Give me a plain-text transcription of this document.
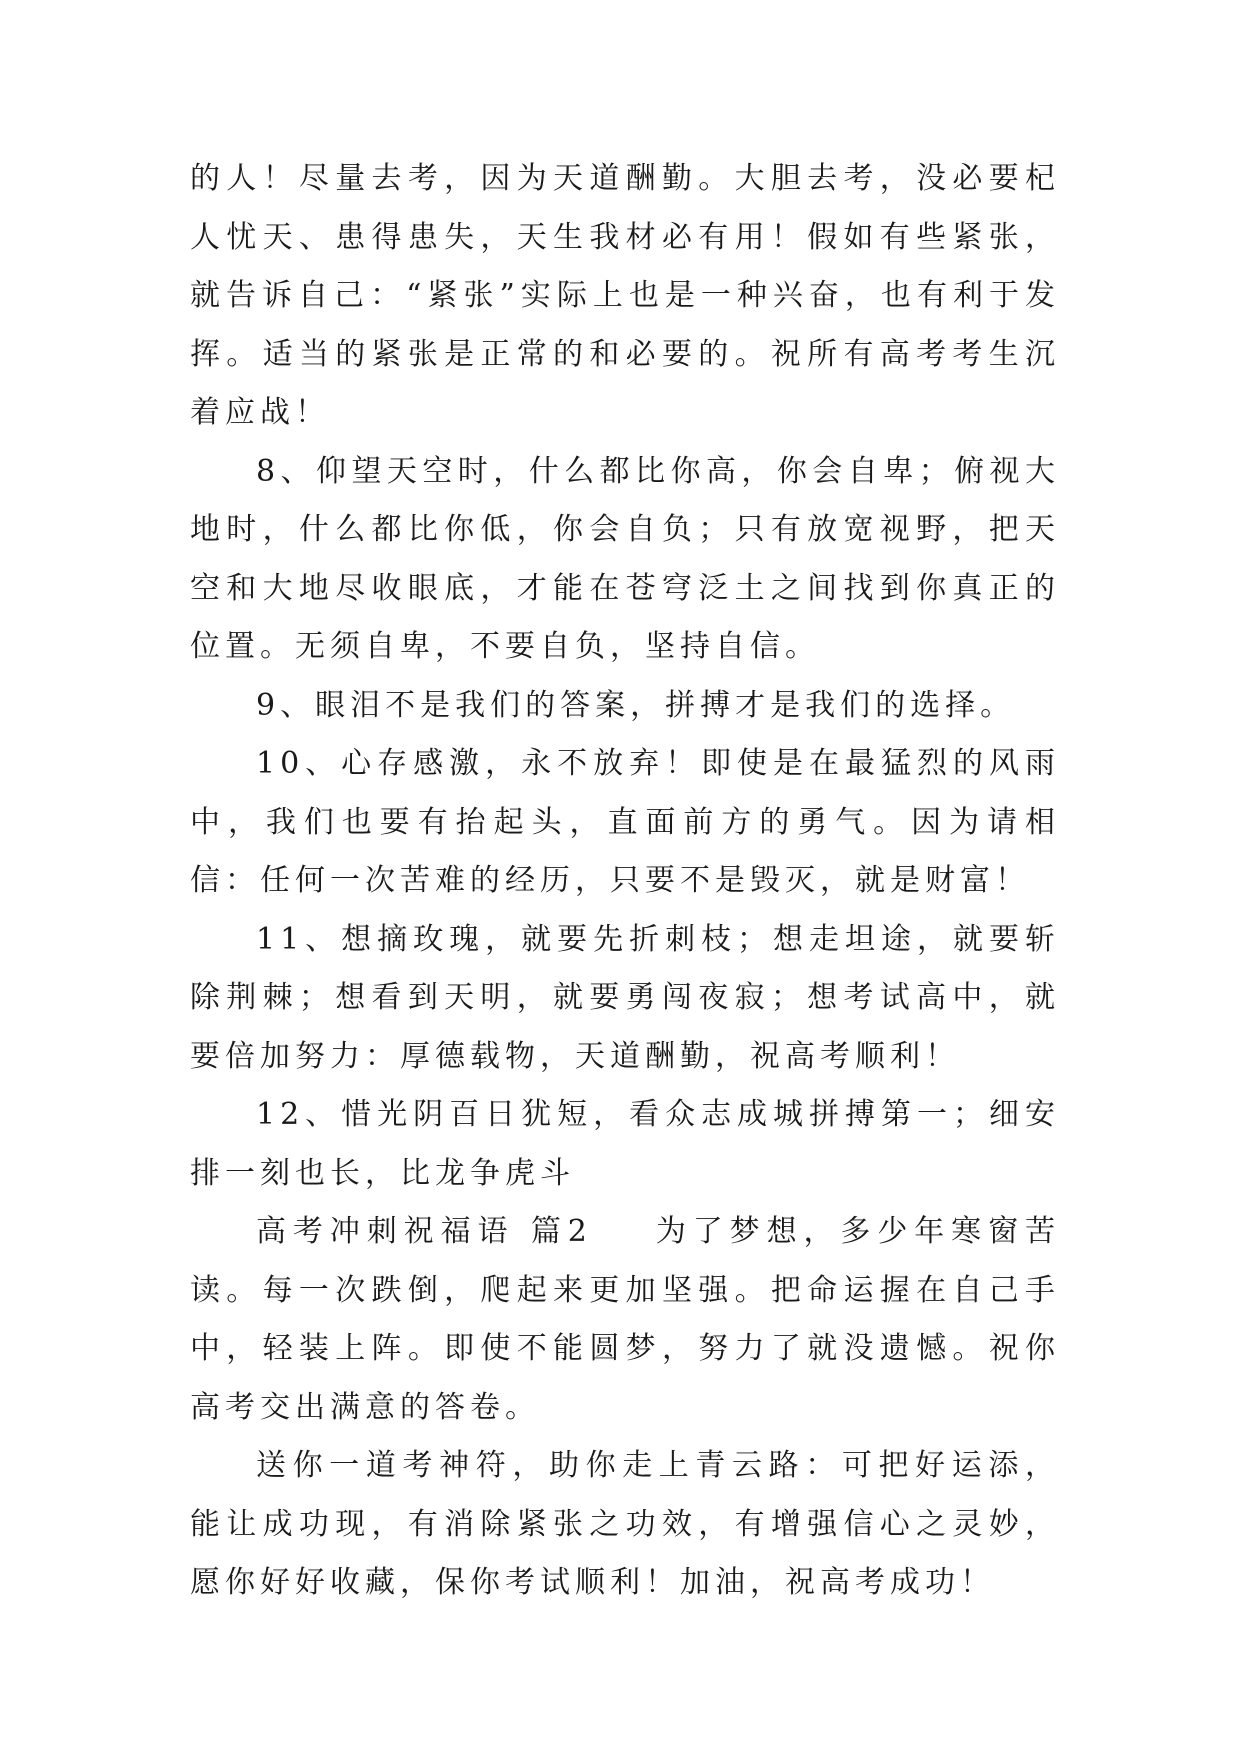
的人！尽量去考，因为天道酬勤。大胆去考，没必要杞人忧天、患得患失，天生我材必有用！假如有些紧张，就告诉自己：“紧张”实际上也是一种兴奋，也有利于发挥。适当的紧张是正常的和必要的。祝所有高考考生沉着应战！

8、仰望天空时，什么都比你高，你会自卑；俯视大地时，什么都比你低，你会自负；只有放宽视野，把天空和大地尽收眼底，才能在苍穹泛土之间找到你真正的位置。无须自卑，不要自负，坚持自信。

9、眼泪不是我们的答案，拼搏才是我们的选择。

10、心存感激，永不放弃！即使是在最猛烈的风雨中，我们也要有抬起头，直面前方的勇气。因为请相信：任何一次苦难的经历，只要不是毁灭，就是财富！

11、想摘玫瑰，就要先折刺枝；想走坦途，就要斩除荆棘；想看到天明，就要勇闯夜寂；想考试高中，就要倍加努力：厚德载物，天道酬勤，祝高考顺利！

12、惜光阴百日犹短，看众志成城拼搏第一；细安排一刻也长，比龙争虎斗

高考冲刺祝福语 篇2 为了梦想，多少年寒窗苦读。每一次跌倒，爬起来更加坚强。把命运握在自己手中，轻装上阵。即使不能圆梦，努力了就没遗憾。祝你高考交出满意的答卷。

送你一道考神符，助你走上青云路：可把好运添，能让成功现，有消除紧张之功效，有增强信心之灵妙，愿你好好收藏，保你考试顺利！加油，祝高考成功！
